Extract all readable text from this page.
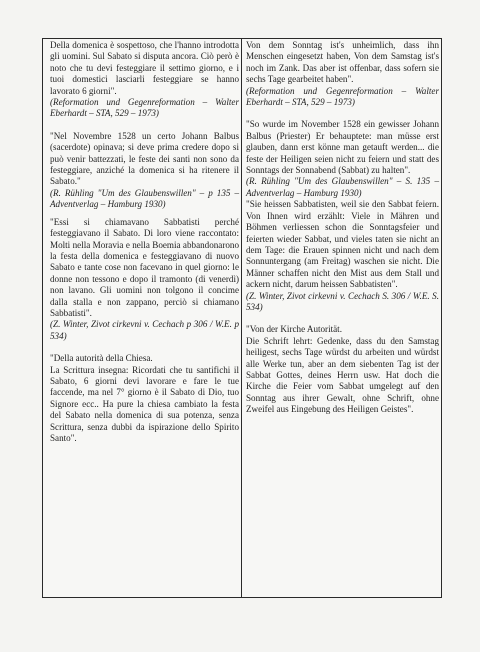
Della domenica è sospettoso, che l'hanno introdotta gli uomini. Sul Sabato si disputa ancora. Ciò però è noto che tu devi festeggiare il settimo giorno, e i tuoi domestici lasciarli festeggiare se hanno lavorato 6 giorni".

(Reformation und Gegenreformation – Walter Eberhardt – STA, 529 – 1973)

"Nel Novembre 1528 un certo Johann Balbus (sacerdote) opinava; si deve prima credere dopo si può venir battezzati, le feste dei santi non sono da festeggiare, anziché la domenica si ha ritenere il Sabato."

(R. Rühling "Um des Glaubenswillen" – p 135 – Adventverlag – Hamburg 1930)

"Essi si chiamavano Sabbatisti perché festeggiavano il Sabato. Di loro viene raccontato: Molti nella Moravia e nella Boemia abbandonarono la festa della domenica e festeggiavano di nuovo Sabato e tante cose non facevano in quel giorno: le donne non tessono e dopo il tramonto (di venerdì) non lavano. Gli uomini non tolgono il concime dalla stalla e non zappano, perciò si chiamano Sabbatisti".

(Z. Winter, Zivot cirkevni v. Cechach p 306 / W.E. p 534)

"Della autorità della Chiesa.

La Scrittura insegna: Ricordati che tu santifichi il Sabato, 6 giorni devi lavorare e fare le tue faccende, ma nel 7° giorno è il Sabato di Dio, tuo Signore ecc.. Ha pure la chiesa cambiato la festa del Sabato nella domenica di sua potenza, senza Scrittura, senza dubbi da ispirazione dello Spirito Santo".

Von dem Sonntag ist's unheimlich, dass ihn Menschen eingesetzt haben, Von dem Samstag ist's noch im Zank. Das aber ist offenbar, dass sofern sie sechs Tage gearbeitet haben".

(Reformation und Gegenreformation – Walter Eberhardt – STA, 529 – 1973)

"So wurde im November 1528 ein gewisser Johann Balbus (Priester) Er behauptete: man müsse erst glauben, dann erst könne man getauft werden... die feste der Heiligen seien nicht zu feiern und statt des Sonntags der Sonnabend (Sabbat) zu halten".

(R. Rühling "Um des Glaubenswillen" – S. 135 – Adventverlag – Hamburg 1930)

"Sie heissen Sabbatisten, weil sie den Sabbat feiern. Von Ihnen wird erzählt: Viele in Mähren und Böhmen verliessen schon die Sonntagsfeier und feierten wieder Sabbat, und vieles taten sie nicht an dem Tage: die Erauen spinnen nicht und nach dem Sonnuntergang (am Freitag) waschen sie nicht. Die Männer schaffen nicht den Mist aus dem Stall und ackern nicht, darum heissen Sabbatisten".

(Z. Winter, Zivot cirkevni v. Cechach S. 306 / W.E. S. 534)

"Von der Kirche Autorität.

Die Schrift lehrt: Gedenke, dass du den Samstag heiligest, sechs Tage würdst du arbeiten und würdst alle Werke tun, aber an dem siebenten Tag ist der Sabbat Gottes, deines Herrn usw. Hat doch die Kirche die Feier vom Sabbat umgelegt auf den Sonntag aus ihrer Gewalt, ohne Schrift, ohne Zweifel aus Eingebung des Heiligen Geistes".
